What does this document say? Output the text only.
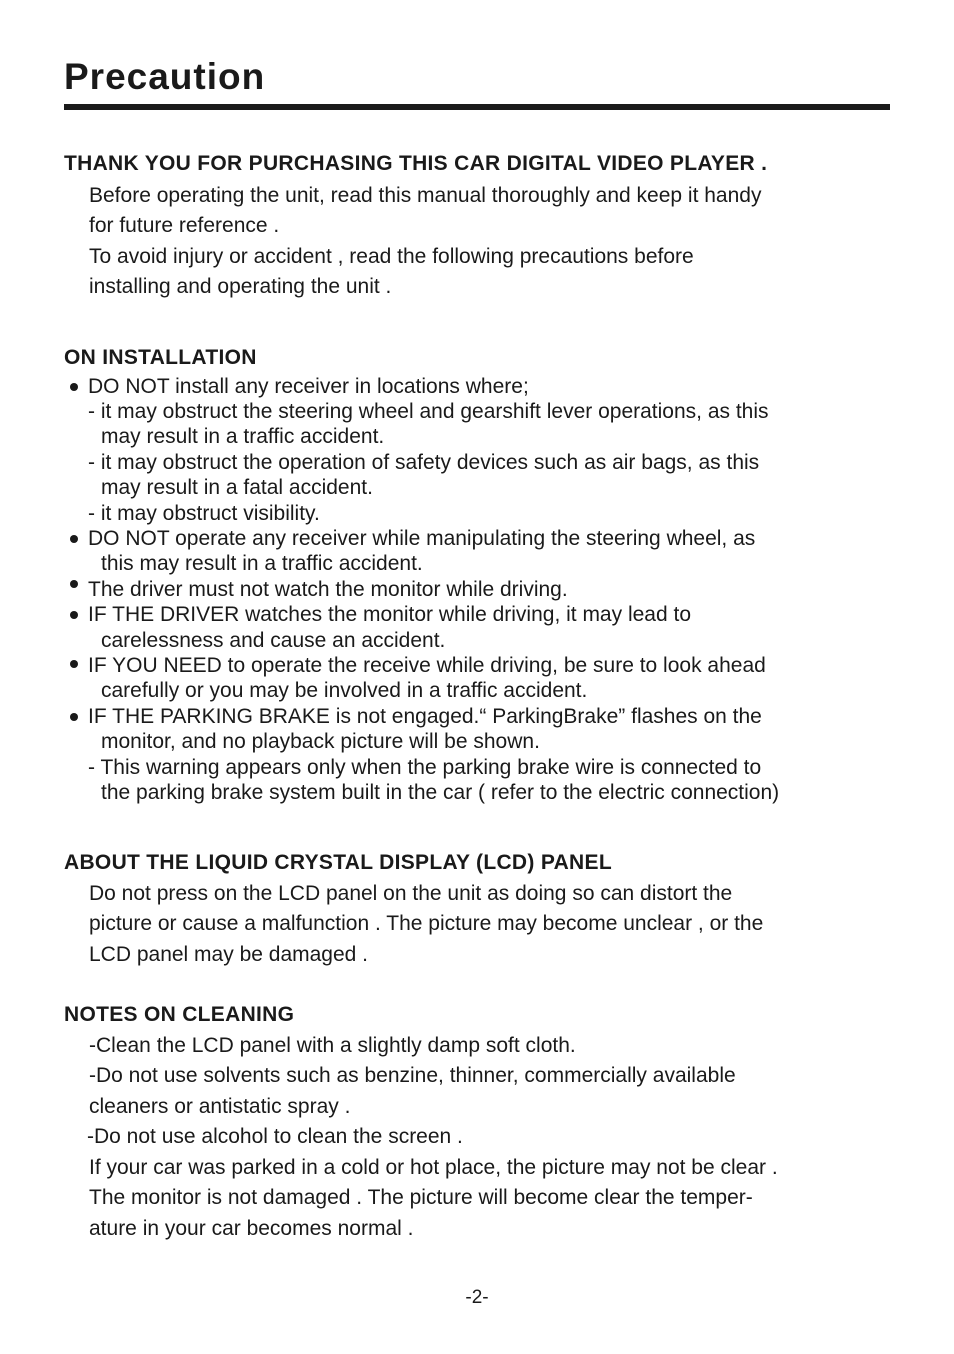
Precaution

THANK YOU FOR PURCHASING THIS CAR DIGITAL VIDEO PLAYER .

Before operating the unit, read this manual thoroughly and keep it handy

for future reference .

To avoid injury or accident , read the following precautions before

installing and operating the unit .

ON INSTALLATION

DO NOT install any receiver in locations where;
- it may obstruct the steering wheel and gearshift lever operations, as this
may result in a traffic accident.
- it may obstruct the operation of safety devices such as air bags, as this
may result in a fatal accident.
- it may obstruct visibility.
DO NOT operate any receiver while manipulating the steering wheel, as
this may result in a traffic accident.
The driver must not watch the monitor while driving.
IF THE DRIVER watches the monitor while driving, it may lead to
carelessness and cause an accident.
IF YOU NEED to operate the receive while driving, be sure to look ahead
carefully or you may be involved in a traffic accident.
IF THE PARKING BRAKE is not engaged.“ ParkingBrake” flashes on the
monitor, and no playback picture will be shown.
- This warning appears only when the parking brake wire is connected to
the parking brake system built in the car ( refer to the electric connection)

ABOUT THE LIQUID CRYSTAL DISPLAY (LCD) PANEL

Do not press on the LCD panel on the unit as doing so can distort the

picture or cause a malfunction . The picture may become unclear , or the

LCD panel may be damaged .

NOTES ON CLEANING

-Clean the LCD panel with a slightly damp soft cloth.

-Do not use solvents such as benzine, thinner, commercially available

cleaners or antistatic spray .

-Do not use alcohol to clean the screen .

If your car was parked in a cold or hot place, the picture may not be clear .

The monitor is not damaged . The picture will become clear the temper-

ature in your car becomes normal .

-2-
